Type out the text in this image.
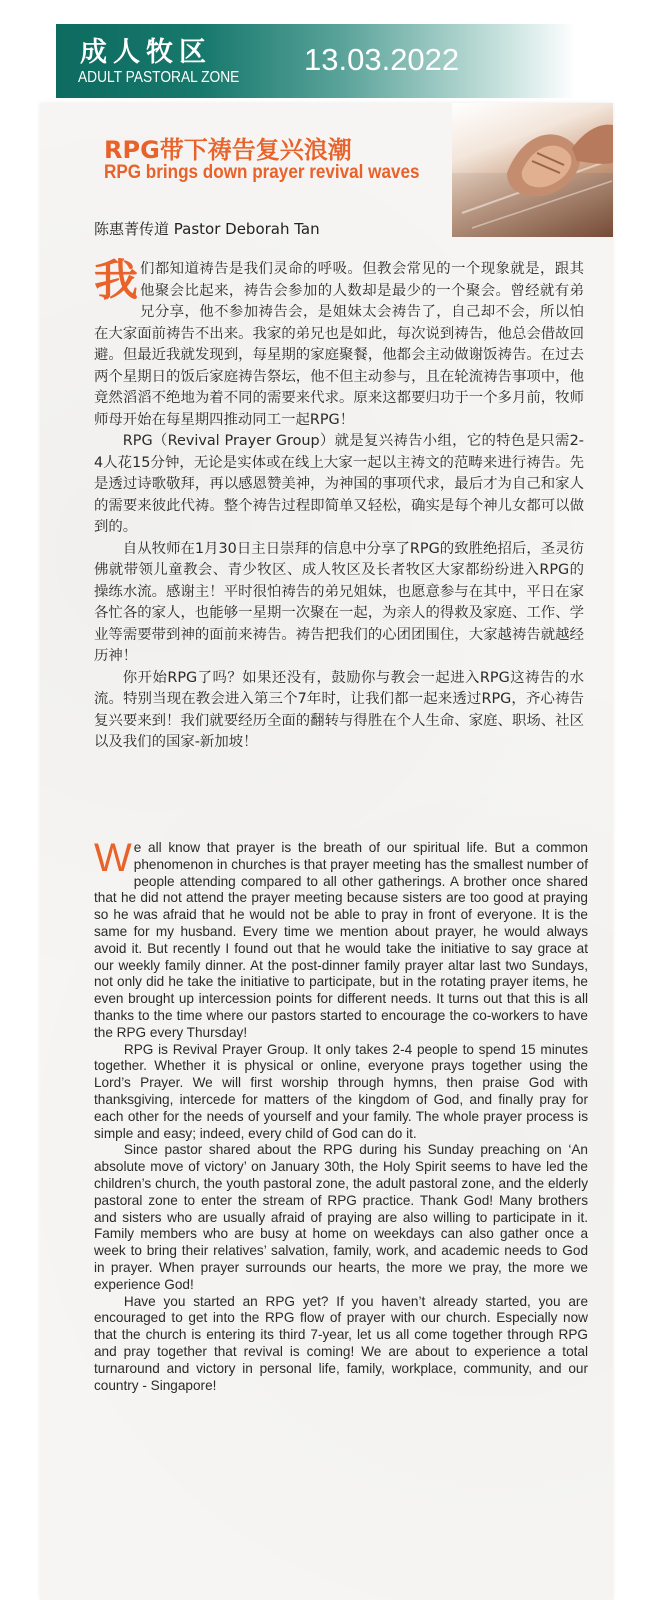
成人牧区
ADULT PASTORAL ZONE
13.03.2022
RPG带下祷告复兴浪潮
RPG brings down prayer revival waves
陈惠菁传道 Pastor Deborah Tan

我们都知道祷告是我们灵命的呼吸。但教会常见的一个现象就是，跟其他聚会比起来，祷告会参加的人数却是最少的一个聚会。曾经就有弟兄分享，他不参加祷告会，是姐妹太会祷告了，自己却不会，所以怕在大家面前祷告不出来。我家的弟兄也是如此，每次说到祷告，他总会借故回避。但最近我就发现到，每星期的家庭聚餐，他都会主动做谢饭祷告。在过去两个星期日的饭后家庭祷告祭坛，他不但主动参与，且在轮流祷告事项中，他竟然滔滔不绝地为着不同的需要来代求。原来这都要归功于一个多月前，牧师师母开始在每星期四推动同工一起RPG！

RPG（Revival Prayer Group）就是复兴祷告小组，它的特色是只需2-4人花15分钟，无论是实体或在线上大家一起以主祷文的范畴来进行祷告。先是透过诗歌敬拜，再以感恩赞美神，为神国的事项代求，最后才为自己和家人的需要来彼此代祷。整个祷告过程即简单又轻松，确实是每个神儿女都可以做到的。

自从牧师在1月30日主日崇拜的信息中分享了RPG的致胜绝招后，圣灵彷佛就带领儿童教会、青少牧区、成人牧区及长者牧区大家都纷纷进入RPG的操练水流。感谢主！平时很怕祷告的弟兄姐妹，也愿意参与在其中，平日在家各忙各的家人，也能够一星期一次聚在一起，为亲人的得救及家庭、工作、学业等需要带到神的面前来祷告。祷告把我们的心团团围住，大家越祷告就越经历神！

你开始RPG了吗？如果还没有，鼓励你与教会一起进入RPG这祷告的水流。特别当现在教会进入第三个7年时，让我们都一起来透过RPG，齐心祷告复兴要来到！我们就要经历全面的翻转与得胜在个人生命、家庭、职场、社区以及我们的国家-新加坡！

We all know that prayer is the breath of our spiritual life. But a common phenomenon in churches is that prayer meeting has the smallest number of people attending compared to all other gatherings. A brother once shared that he did not attend the prayer meeting because sisters are too good at praying so he was afraid that he would not be able to pray in front of everyone. It is the same for my husband. Every time we mention about prayer, he would always avoid it. But recently I found out that he would take the initiative to say grace at our weekly family dinner. At the post-dinner family prayer altar last two Sundays, not only did he take the initiative to participate, but in the rotating prayer items, he even brought up intercession points for different needs. It turns out that this is all thanks to the time where our pastors started to encourage the co-workers to have the RPG every Thursday!

RPG is Revival Prayer Group. It only takes 2-4 people to spend 15 minutes together. Whether it is physical or online, everyone prays together using the Lord’s Prayer. We will first worship through hymns, then praise God with thanksgiving, intercede for matters of the kingdom of God, and finally pray for each other for the needs of yourself and your family. The whole prayer process is simple and easy; indeed, every child of God can do it.

Since pastor shared about the RPG during his Sunday preaching on ‘An absolute move of victory’ on January 30th, the Holy Spirit seems to have led the children’s church, the youth pastoral zone, the adult pastoral zone, and the elderly pastoral zone to enter the stream of RPG practice. Thank God! Many brothers and sisters who are usually afraid of praying are also willing to participate in it. Family members who are busy at home on weekdays can also gather once a week to bring their relatives’ salvation, family, work, and academic needs to God in prayer. When prayer surrounds our hearts, the more we pray, the more we experience God!

Have you started an RPG yet? If you haven’t already started, you are encouraged to get into the RPG flow of prayer with our church. Especially now that the church is entering its third 7-year, let us all come together through RPG and pray together that revival is coming! We are about to experience a total turnaround and victory in personal life, family, workplace, community, and our country - Singapore!
